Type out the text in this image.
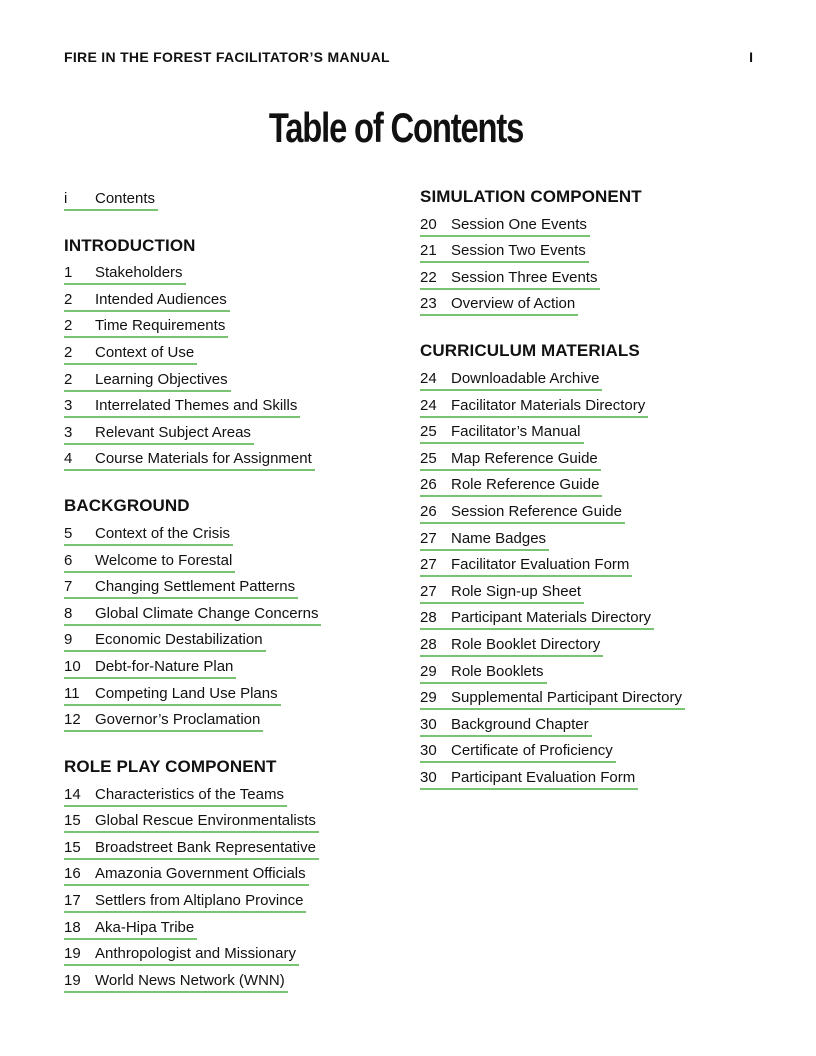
FIRE IN THE FOREST FACILITATOR’S MANUAL	I
Table of Contents
i	Contents
INTRODUCTION
1	Stakeholders
2	Intended Audiences
2	Time Requirements
2	Context of Use
2	Learning Objectives
3	Interrelated Themes and Skills
3	Relevant Subject Areas
4	Course Materials for Assignment
BACKGROUND
5	Context of the Crisis
6	Welcome to Forestal
7	Changing Settlement Patterns
8	Global Climate Change Concerns
9	Economic Destabilization
10 Debt-for-Nature Plan
11	Competing Land Use Plans
12 Governor’s Proclamation
ROLE PLAY COMPONENT
14 Characteristics of the Teams
15 Global Rescue Environmentalists
15 Broadstreet Bank Representative
16 Amazonia Government Officials
17 Settlers from Altiplano Province
18 Aka-Hipa Tribe
19 Anthropologist and Missionary
19 World News Network (WNN)
SIMULATION COMPONENT
20 Session One Events
21 Session Two Events
22 Session Three Events
23 Overview of Action
CURRICULUM MATERIALS
24 Downloadable Archive
24 Facilitator Materials Directory
25 Facilitator’s Manual
25 Map Reference Guide
26 Role Reference Guide
26 Session Reference Guide
27 Name Badges
27 Facilitator Evaluation Form
27 Role Sign-up Sheet
28 Participant Materials Directory
28 Role Booklet Directory
29 Role Booklets
29 Supplemental Participant Directory
30 Background Chapter
30 Certificate of Proficiency
30 Participant Evaluation Form
